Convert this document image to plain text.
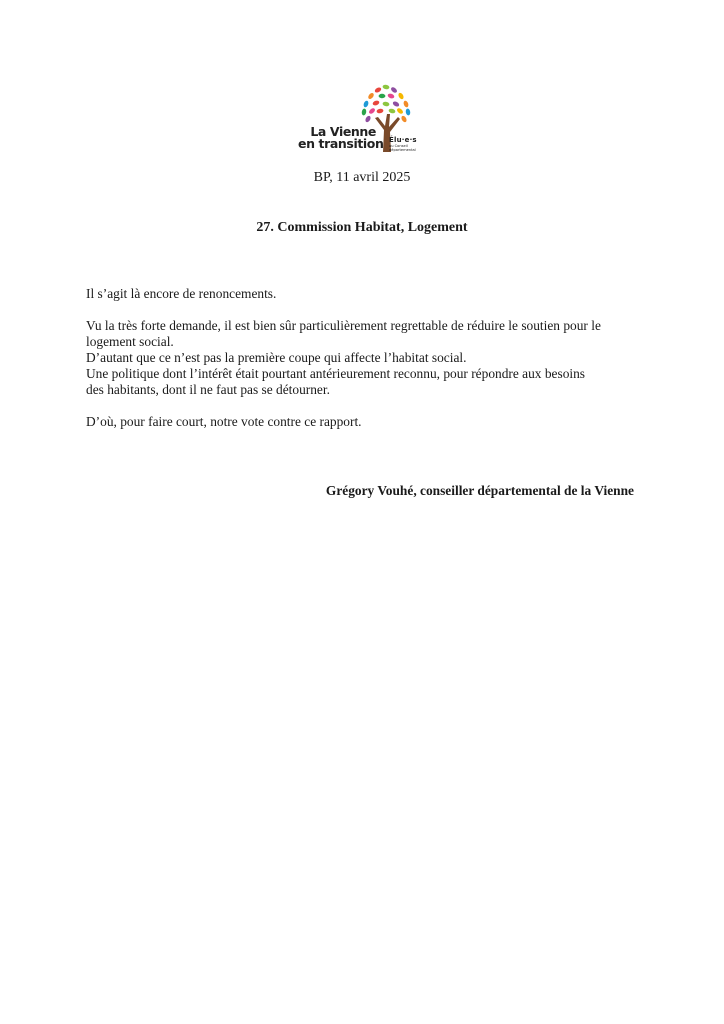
La Vienne
en transition Élu·e·s
au Conseil
départemental
BP, 11 avril 2025
27. Commission Habitat, Logement

Il s’agit là encore de renoncements.

Vu la très forte demande, il est bien sûr particulièrement regrettable de réduire le soutien pour le

logement social.

D’autant que ce n’est pas la première coupe qui affecte l’habitat social.

Une politique dont l’intérêt était pourtant antérieurement reconnu, pour répondre aux besoins

des habitants, dont il ne faut pas se détourner.

D’où, pour faire court, notre vote contre ce rapport.

Grégory Vouhé, conseiller départemental de la Vienne
